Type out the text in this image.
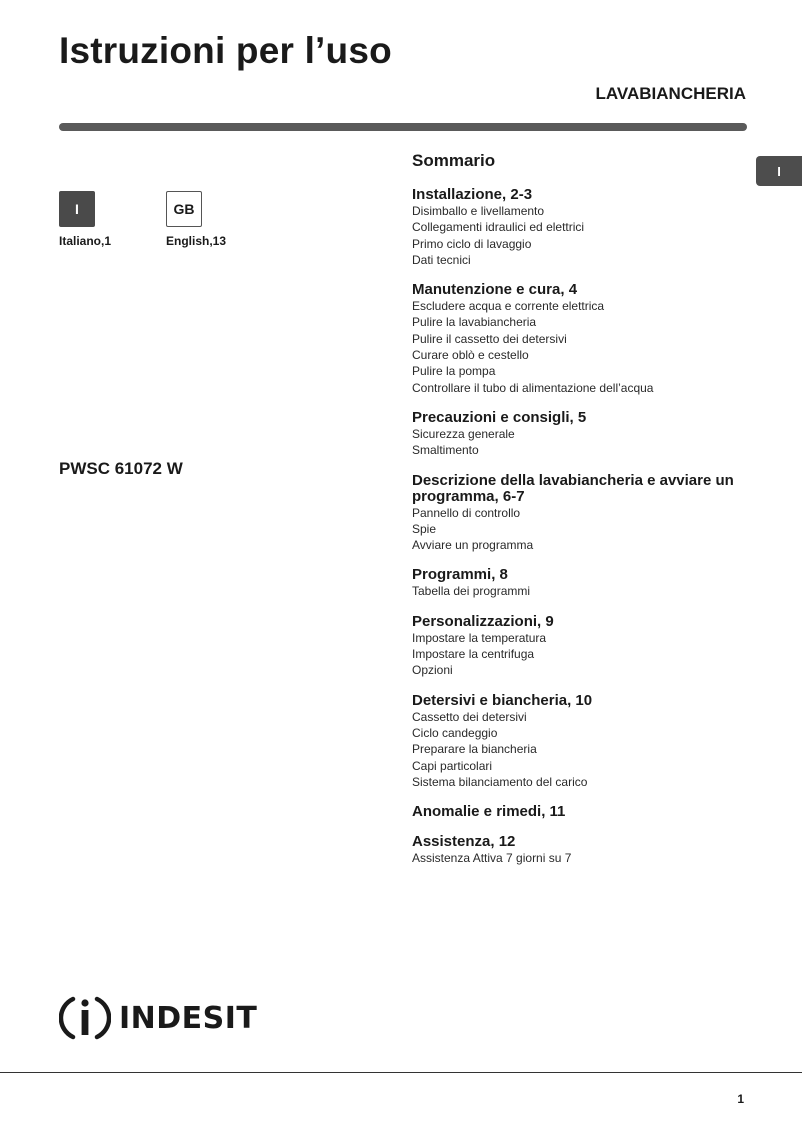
Istruzioni per l’uso
LAVABIANCHERIA
I
I
Italiano,1
GB
English,13
PWSC 61072 W
Sommario
Installazione, 2-3
Disimballo e livellamento
Collegamenti idraulici ed elettrici
Primo ciclo di lavaggio
Dati tecnici
Manutenzione e cura, 4
Escludere acqua e corrente elettrica
Pulire la lavabiancheria
Pulire il cassetto dei detersivi
Curare oblò e cestello
Pulire la pompa
Controllare il tubo di alimentazione dell’acqua
Precauzioni e consigli, 5
Sicurezza generale
Smaltimento
Descrizione della lavabiancheria e avviare un programma, 6-7
Pannello di controllo
Spie
Avviare un programma
Programmi, 8
Tabella dei programmi
Personalizzazioni, 9
Impostare la temperatura
Impostare la centrifuga
Opzioni
Detersivi e biancheria, 10
Cassetto dei detersivi
Ciclo candeggio
Preparare la biancheria
Capi particolari
Sistema bilanciamento del carico
Anomalie e rimedi, 11
Assistenza, 12
Assistenza Attiva 7 giorni su 7
INDESIT
1
